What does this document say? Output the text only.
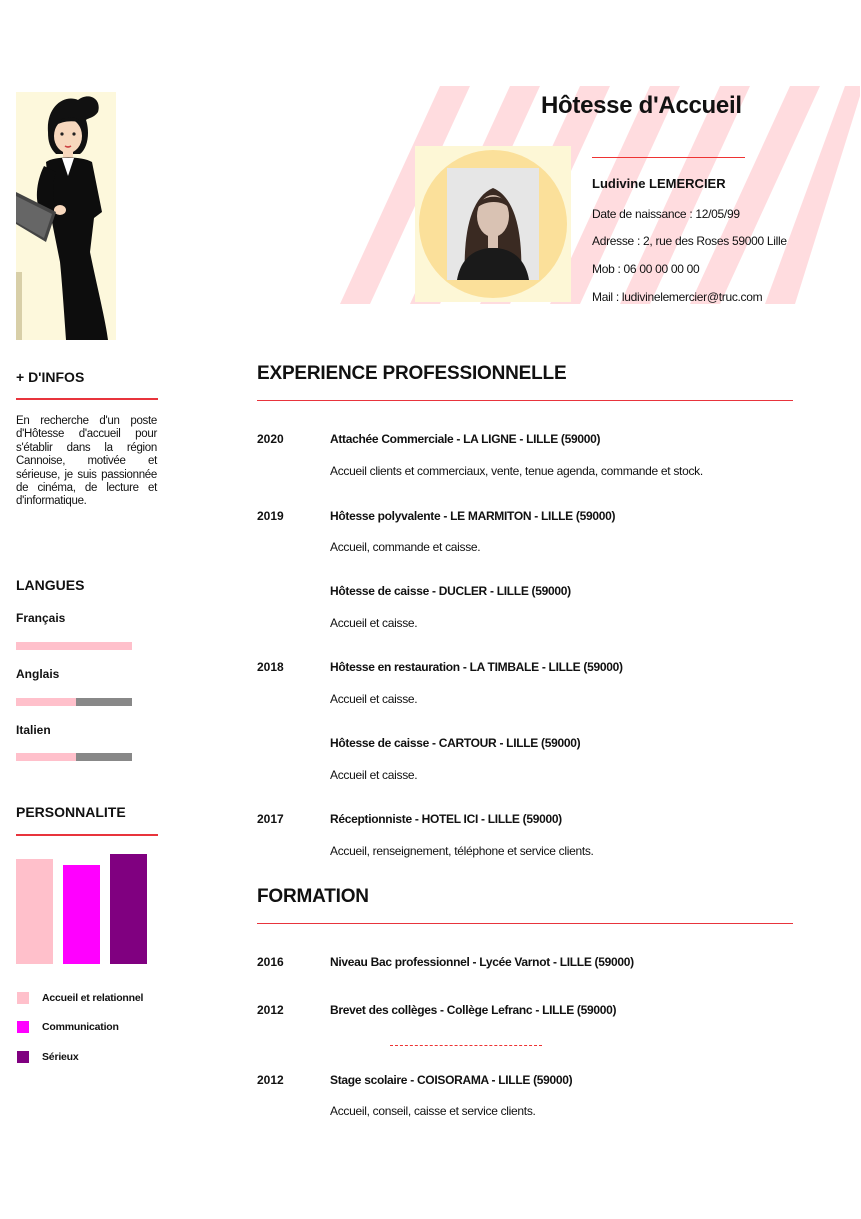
Hôtesse d'Accueil
Ludivine LEMERCIER
Date de naissance : 12/05/99
Adresse : 2, rue des Roses 59000 Lille
Mob : 06 00 00 00 00
Mail : ludivinelemercier@truc.com
+ D'INFOS
En recherche d'un poste d'Hôtesse d'accueil pour s'établir dans la région Cannoise, motivée et sérieuse, je suis passionnée de cinéma, de lecture et d'informatique.
LANGUES
Français
Anglais
Italien
PERSONNALITE
Accueil et relationnel
Communication
Sérieux
EXPERIENCE PROFESSIONNELLE
2020	Attachée Commerciale - LA LIGNE - LILLE (59000)
Accueil clients et commerciaux, vente, tenue agenda, commande et stock.
2019	Hôtesse polyvalente - LE MARMITON - LILLE (59000)
Accueil, commande et caisse.
Hôtesse de caisse - DUCLER - LILLE (59000)
Accueil et caisse.
2018	Hôtesse en restauration - LA TIMBALE - LILLE (59000)
Accueil et caisse.
Hôtesse de caisse - CARTOUR - LILLE (59000)
Accueil et caisse.
2017	Réceptionniste - HOTEL ICI - LILLE (59000)
Accueil, renseignement, téléphone et service clients.
FORMATION
2016	Niveau Bac professionnel - Lycée Varnot - LILLE (59000)
2012	Brevet des collèges - Collège Lefranc - LILLE (59000)
2012	Stage scolaire - COISORAMA - LILLE (59000)
Accueil, conseil, caisse et service clients.
